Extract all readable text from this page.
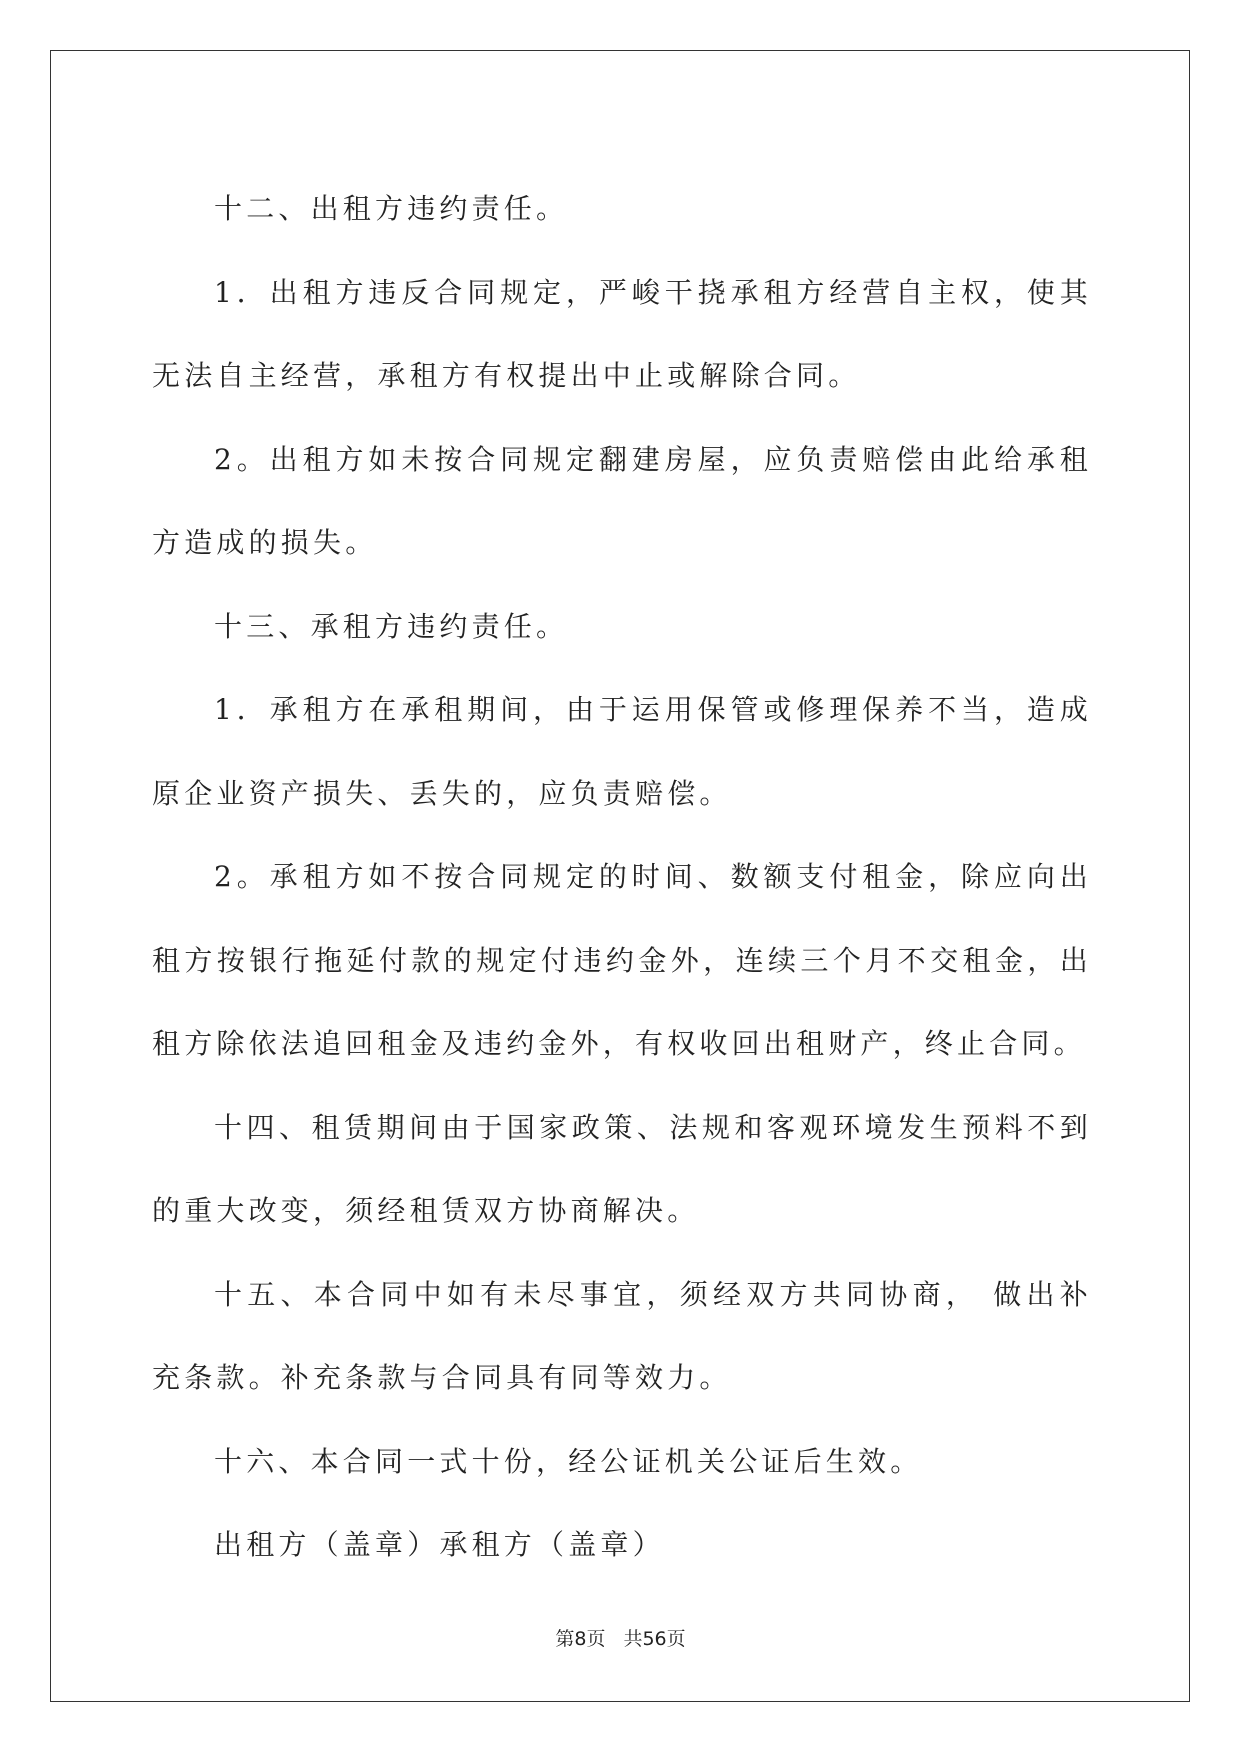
十二、出租方违约责任。

1．出租方违反合同规定，严峻干挠承租方经营自主权，使其无法自主经营，承租方有权提出中止或解除合同。

2。出租方如未按合同规定翻建房屋，应负责赔偿由此给承租方造成的损失。

十三、承租方违约责任。

1．承租方在承租期间，由于运用保管或修理保养不当，造成原企业资产损失、丢失的，应负责赔偿。

2。承租方如不按合同规定的时间、数额支付租金，除应向出租方按银行拖延付款的规定付违约金外，连续三个月不交租金，出租方除依法追回租金及违约金外，有权收回出租财产，终止合同。

十四、租赁期间由于国家政策、法规和客观环境发生预料不到的重大改变，须经租赁双方协商解决。

十五、本合同中如有未尽事宜，须经双方共同协商， 做出补 充条款。补充条款与合同具有同等效力。

十六、本合同一式十份，经公证机关公证后生效。

出租方（盖章）承租方（盖章）

第8页 共56页
